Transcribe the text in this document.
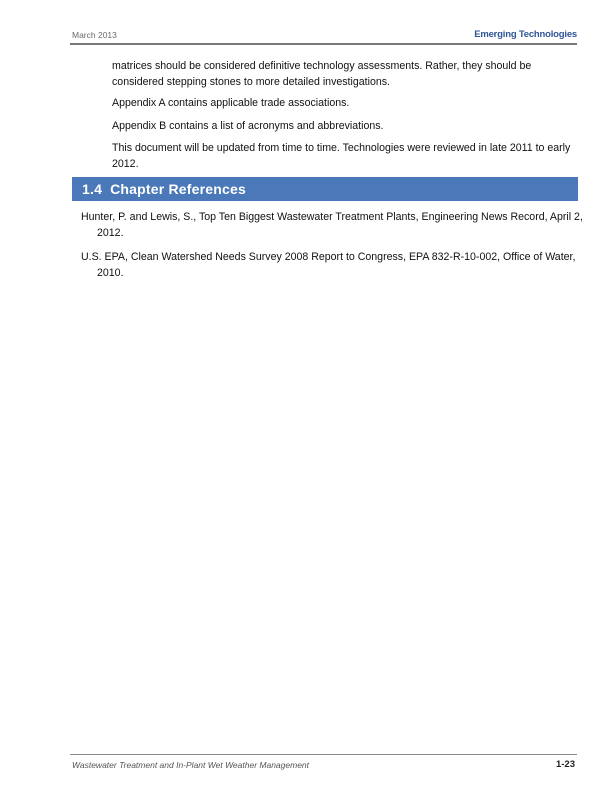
March 2013	Emerging Technologies

matrices should be considered definitive technology assessments. Rather, they should be considered stepping stones to more detailed investigations.

Appendix A contains applicable trade associations.

Appendix B contains a list of acronyms and abbreviations.

This document will be updated from time to time. Technologies were reviewed in late 2011 to early 2012.

1.4 Chapter References

Hunter, P. and Lewis, S., Top Ten Biggest Wastewater Treatment Plants, Engineering News Record, April 2, 2012.

U.S. EPA, Clean Watershed Needs Survey 2008 Report to Congress, EPA 832-R-10-002, Office of Water, 2010.

Wastewater Treatment and In-Plant Wet Weather Management	1-23
